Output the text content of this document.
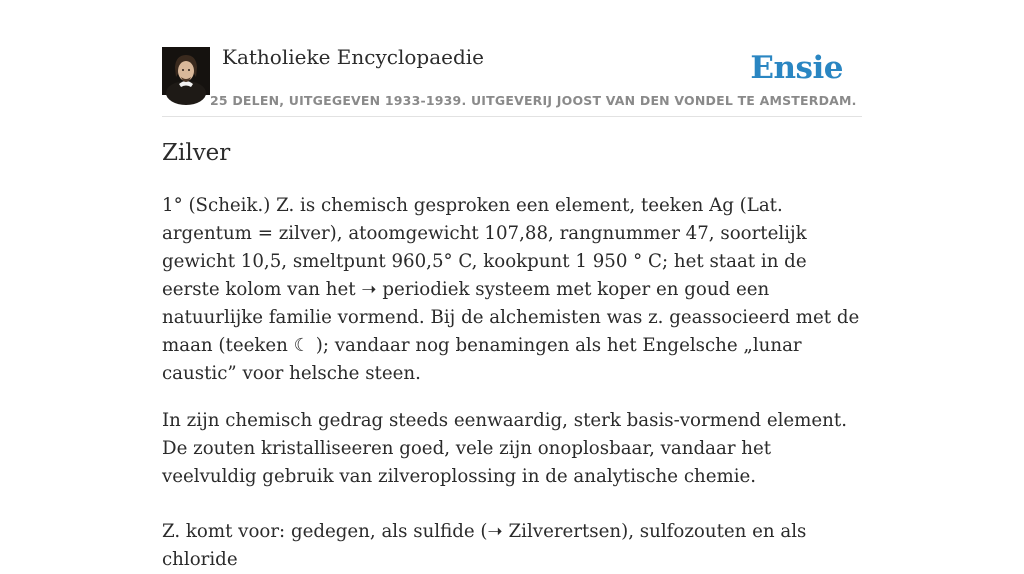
Katholieke Encyclopaedie
25 DELEN, UITGEGEVEN 1933-1939. UITGEVERIJ JOOST VAN DEN VONDEL TE AMSTERDAM.
Ensie
Zilver

1° (Scheik.) Z. is chemisch gesproken een element, teeken Ag (Lat. argentum = zilver), atoomgewicht 107,88, rangnummer 47, soortelijk gewicht 10,5, smeltpunt 960,5° C, kookpunt 1 950 ° C; het staat in de eerste kolom van het ➝ periodiek systeem met koper en goud een natuurlijke familie vormend. Bij de alchemisten was z. geassocieerd met de maan (teeken ☾ ); vandaar nog benamingen als het Engelsche „lunar caustic” voor helsche steen.

In zijn chemisch gedrag steeds eenwaardig, sterk basis-vormend element. De zouten kristalliseeren goed, vele zijn onoplosbaar, vandaar het veelvuldig gebruik van zilveroplossing in de analytische chemie.

Z. komt voor: gedegen, als sulfide (➝ Zilverertsen), sulfozouten en als chloride
